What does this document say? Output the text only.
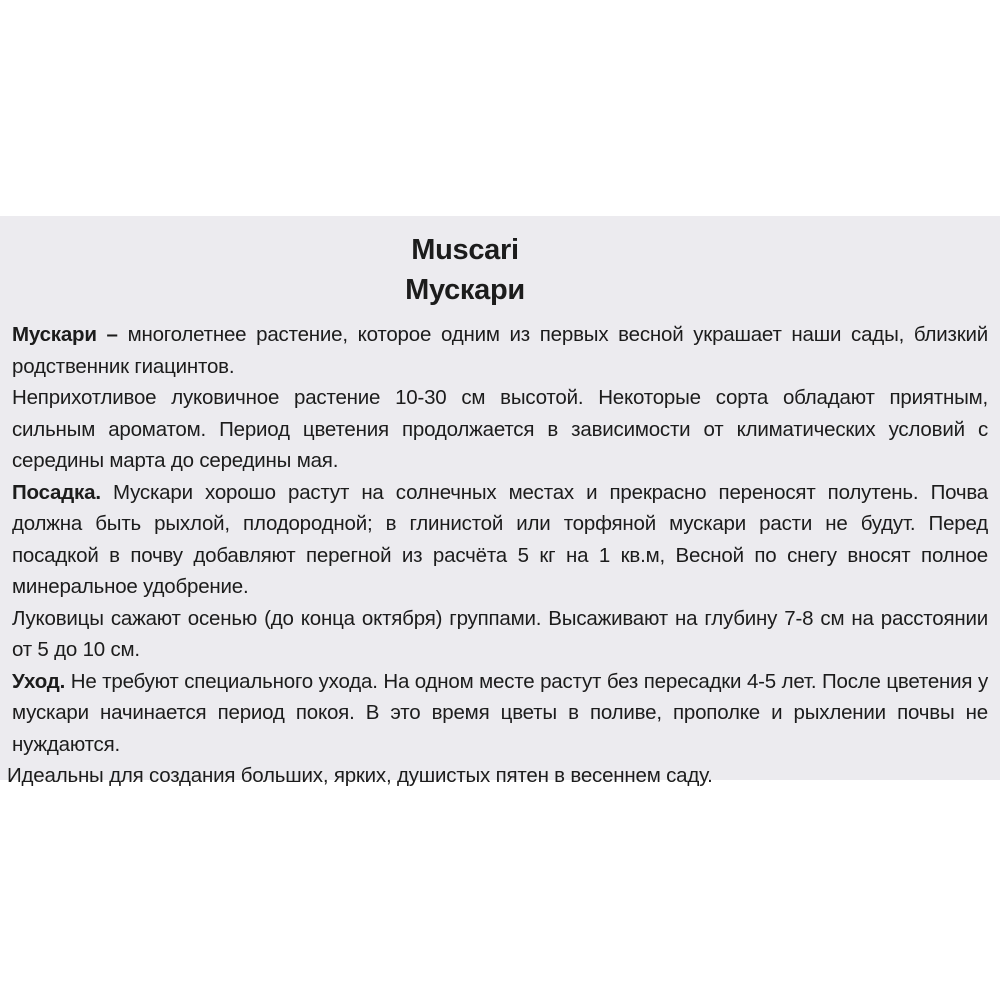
Muscari
Мускари

Мускари – многолетнее растение, которое одним из первых весной украшает наши сады, близкий родственник гиацинтов.

Неприхотливое луковичное растение 10-30 см высотой. Некоторые сорта обладают приятным, сильным ароматом. Период цветения продолжается в зависимости от климатических условий с середины марта до середины мая.

Посадка. Мускари хорошо растут на солнечных местах и прекрасно переносят полутень. Почва должна быть рыхлой, плодородной; в глинистой или торфяной мускари расти не будут. Перед посадкой в почву добавляют перегной из расчёта 5 кг на 1 кв.м, Весной по снегу вносят полное минеральное удобрение.

Луковицы сажают осенью (до конца октября) группами. Высаживают на глубину 7-8 см на расстоянии от 5 до 10 см.

Уход. Не требуют специального ухода. На одном месте растут без пересадки 4-5 лет. После цветения у мускари начинается период покоя. В это время цветы в поливе, прополке и рыхлении почвы не нуждаются.

Идеальны для создания больших, ярких, душистых пятен в весеннем саду.
